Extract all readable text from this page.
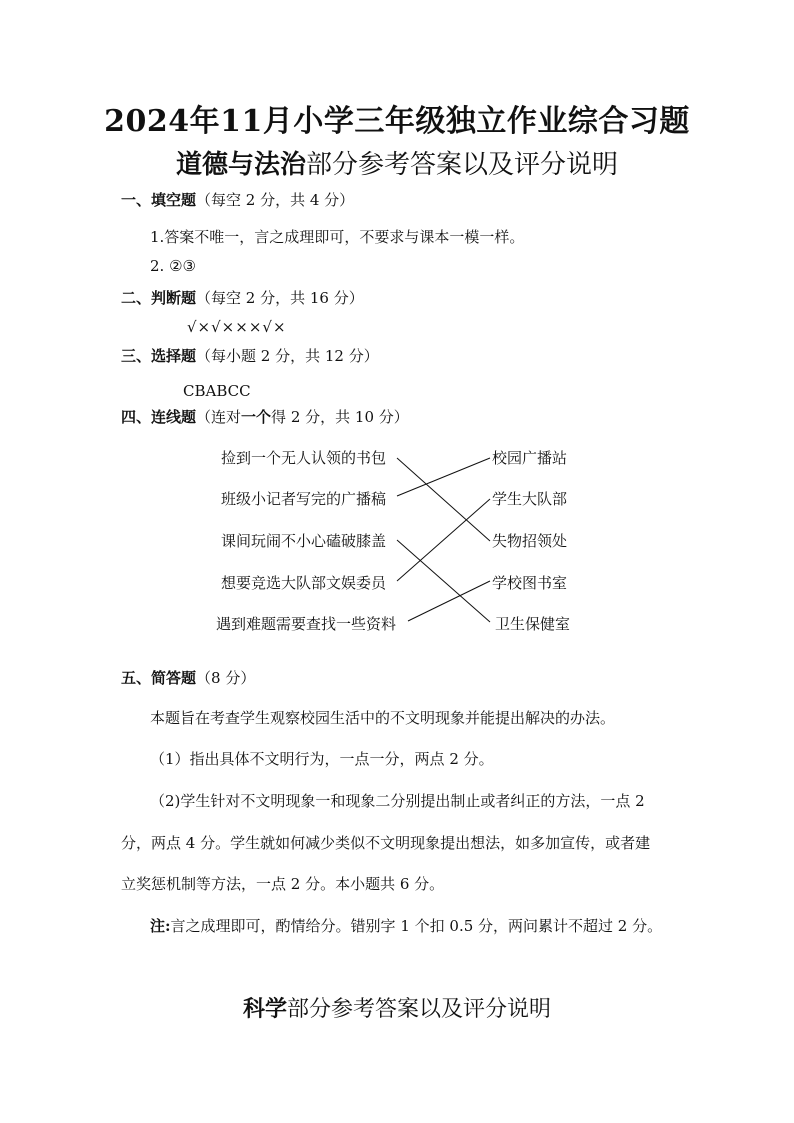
2024年11月小学三年级独立作业综合习题
道德与法治部分参考答案以及评分说明
一、填空题（每空 2 分，共 4 分）
1.答案不唯一，言之成理即可，不要求与课本一模一样。
2. ②③
二、判断题（每空 2 分，共 16 分）
√×√×××√×
三、选择题（每小题 2 分，共 12 分）
CBABCC
四、连线题（连对一个得 2 分，共 10 分）
捡到一个无人认领的书包
班级小记者写完的广播稿
课间玩闹不小心磕破膝盖
想要竞选大队部文娱委员
遇到难题需要查找一些资料
校园广播站
学生大队部
失物招领处
学校图书室
卫生保健室
五、简答题（8 分）
本题旨在考查学生观察校园生活中的不文明现象并能提出解决的办法。
（1）指出具体不文明行为，一点一分，两点 2 分。
（2)学生针对不文明现象一和现象二分别提出制止或者纠正的方法，一点 2
分，两点 4 分。学生就如何减少类似不文明现象提出想法，如多加宣传，或者建
立奖惩机制等方法，一点 2 分。本小题共 6 分。
注:言之成理即可，酌情给分。错别字 1 个扣 0.5 分，两问累计不超过 2 分。
科学部分参考答案以及评分说明
